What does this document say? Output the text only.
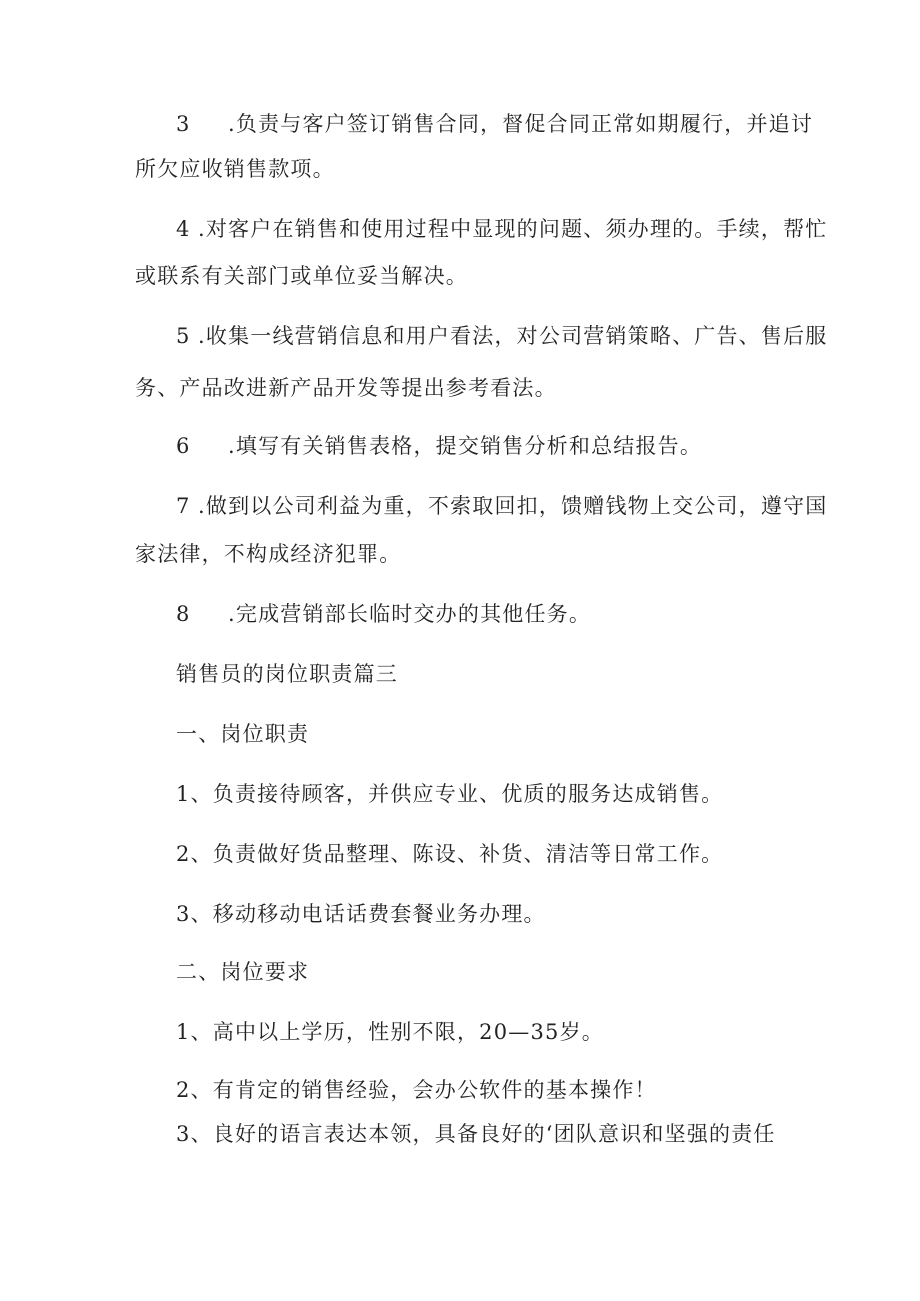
3 .负责与客户签订销售合同，督促合同正常如期履行，并追讨
所欠应收销售款项。
4 .对客户在销售和使用过程中显现的问题、须办理的。手续，帮忙
或联系有关部门或单位妥当解决。
5 .收集一线营销信息和用户看法，对公司营销策略、广告、售后服
务、产品改进新产品开发等提出参考看法。
6 .填写有关销售表格，提交销售分析和总结报告。
7 .做到以公司利益为重，不索取回扣，馈赠钱物上交公司，遵守国
家法律，不构成经济犯罪。
8 .完成营销部长临时交办的其他任务。
销售员的岗位职责篇三
一、岗位职责
1、负责接待顾客，并供应专业、优质的服务达成销售。
2、负责做好货品整理、陈设、补货、清洁等日常工作。
3、移动移动电话话费套餐业务办理。
二、岗位要求
1、高中以上学历，性别不限，20—35岁。
2、有肯定的销售经验，会办公软件的基本操作！
3、良好的语言表达本领，具备良好的‘团队意识和坚强的责任
